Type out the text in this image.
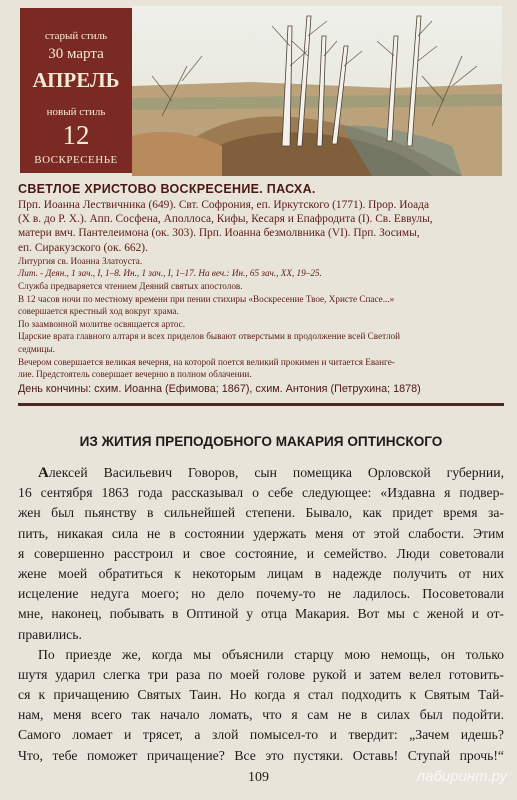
старый стиль
30 марта
АПРЕЛЬ
новый стиль
12
ВОСКРЕСЕНЬЕ
СВЕТЛОЕ ХРИСТОВО ВОСКРЕСЕНИЕ. ПАСХА.
Прп. Иоанна Лествичника (649). Свт. Софрония, еп. Иркутского (1771). Прор. Иоада
(Х в. до Р. Х.). Апп. Сосфена, Аполлоса, Кифы, Кесаря и Епафродита (I). Св. Еввулы,
матери вмч. Пантелеимона (ок. 303). Прп. Иоанна безмолвника (VI). Прп. Зосимы,
еп. Сиракузского (ок. 662).
Литургия св. Иоанна Златоуста.
Лит. - Деян., 1 зач., I, 1–8. Ин., 1 зач., I, 1–17. На веч.: Ин., 65 зач., XX, 19–25.
Служба предваряется чтением Деяний святых апостолов.
В 12 часов ночи по местному времени при пении стихиры «Воскресение Твое, Христе Спасе...»
совершается крестный ход вокруг храма.
По заамвонной молитве освящается артос.
Царские врата главного алтаря и всех приделов бывают отверстыми в продолжение всей Светлой
седмицы.
Вечером совершается великая вечерня, на которой поется великий прокимен и читается Еванге-
лие. Предстоятель совершает вечерню в полном облачении.
День кончины: схим. Иоанна (Ефимова; 1867), схим. Антония (Петрухина; 1878)
ИЗ ЖИТИЯ ПРЕПОДОБНОГО МАКАРИЯ ОПТИНСКОГО
Алексей Васильевич Говоров, сын помещика Орловской губернии,
16 сентября 1863 года рассказывал о себе следующее: «Издавна я подвер-
жен был пьянству в сильнейшей степени. Бывало, как придет время за-
пить, никакая сила не в состоянии удержать меня от этой слабости. Этим
я совершенно расстроил и свое состояние, и семейство. Люди советовали
жене моей обратиться к некоторым лицам в надежде получить от них
исцеление недуга моего; но дело почему-то не ладилось. Посоветовали
мне, наконец, побывать в Оптиной у отца Макария. Вот мы с женой и от-
правились.
По приезде же, когда мы объяснили старцу мою немощь, он только
шутя ударил слегка три раза по моей голове рукой и затем велел готовить-
ся к причащению Святых Таин. Но когда я стал подходить к Святым Тай-
нам, меня всего так начало ломать, что я сам не в силах был подойти.
Самого ломает и трясет, а злой помысел-то и твердит: „Зачем идешь?
Что, тебе поможет причащение? Все это пустяки. Оставь! Ступай прочь!“
109	лабиринт.ру
